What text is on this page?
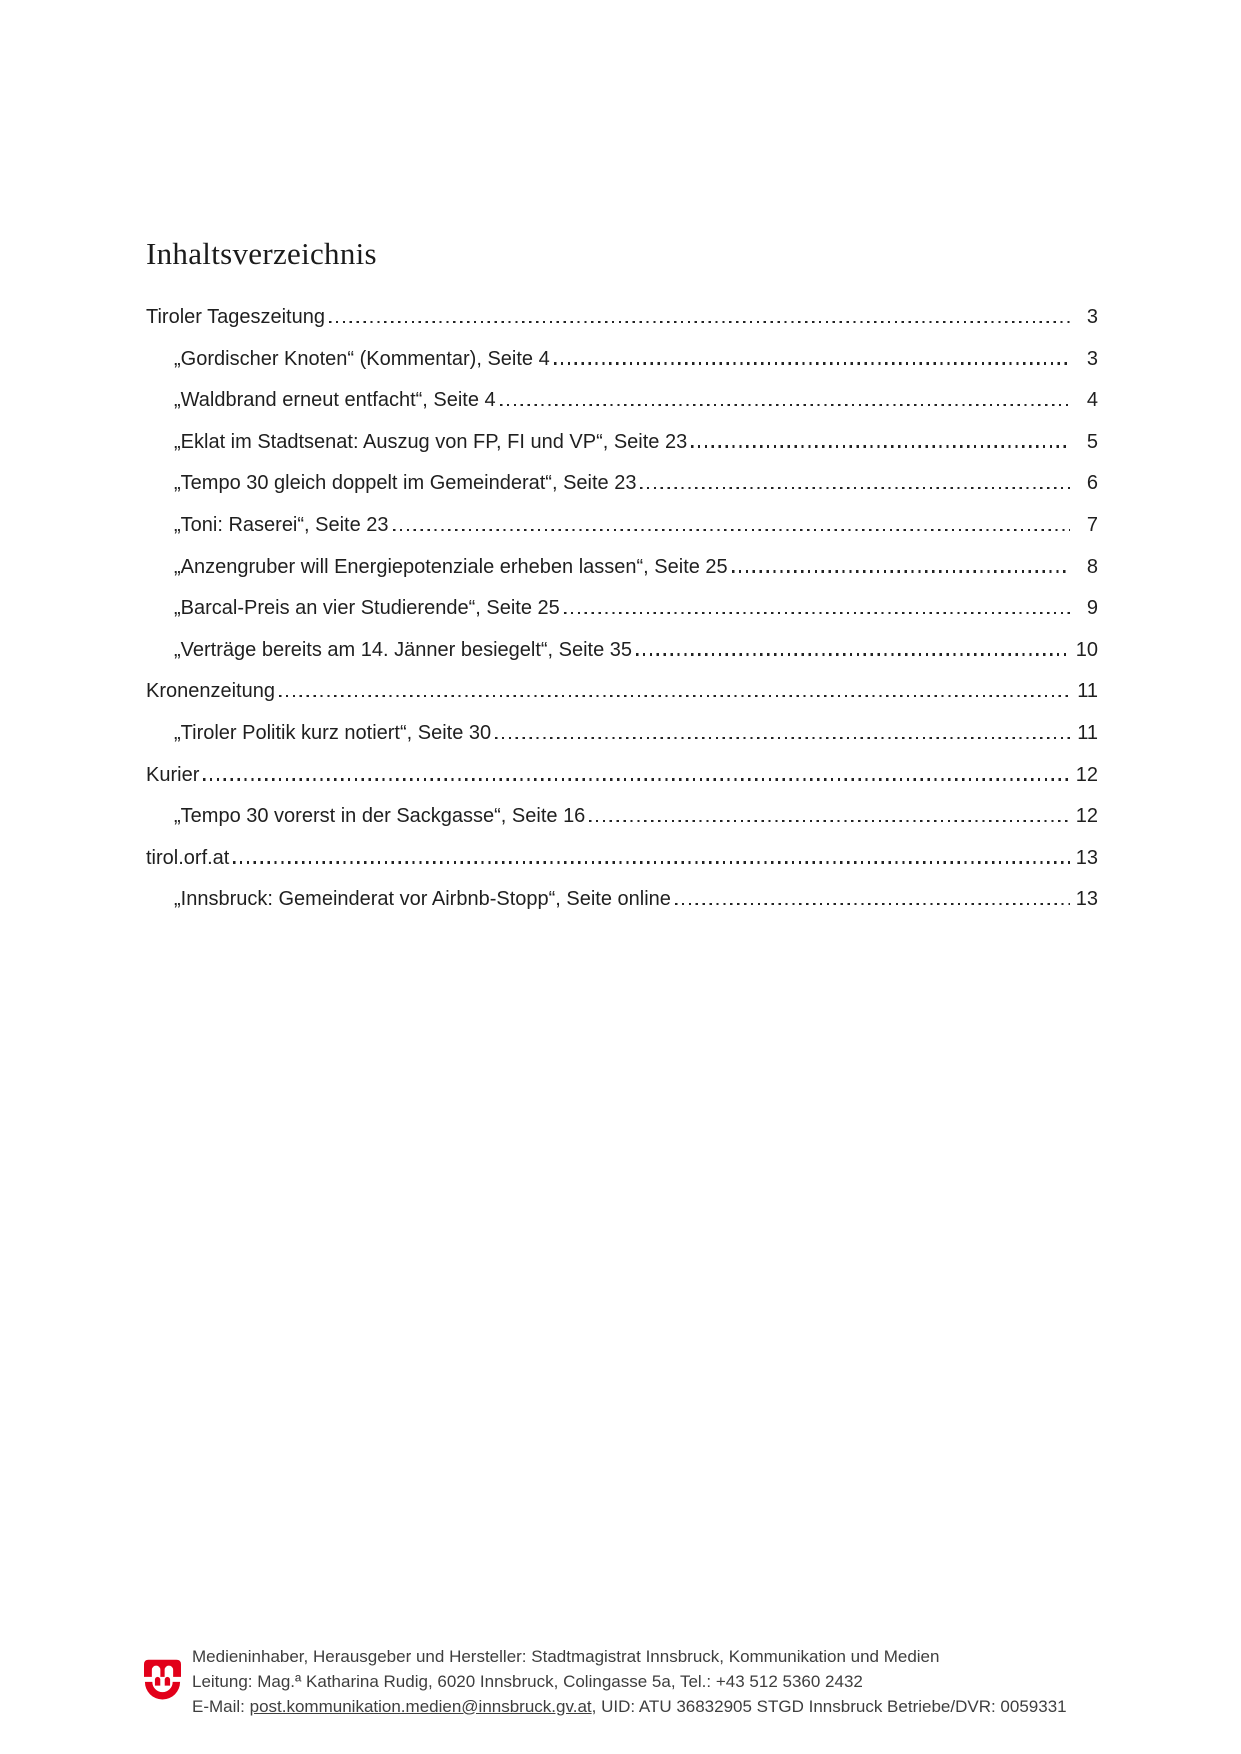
Inhaltsverzeichnis
Tiroler Tageszeitung	3
„Gordischer Knoten“ (Kommentar), Seite 4	3
„Waldbrand erneut entfacht“, Seite 4	4
„Eklat im Stadtsenat: Auszug von FP, FI und VP“, Seite 23	5
„Tempo 30 gleich doppelt im Gemeinderat“, Seite 23	6
„Toni: Raserei“, Seite 23	7
„Anzengruber will Energiepotenziale erheben lassen“, Seite 25	8
„Barcal-Preis an vier Studierende“, Seite 25	9
„Verträge bereits am 14. Jänner besiegelt“, Seite 35	10
Kronenzeitung	11
„Tiroler Politik kurz notiert“, Seite 30	11
Kurier	12
„Tempo 30 vorerst in der Sackgasse“, Seite 16	12
tirol.orf.at	13
„Innsbruck: Gemeinderat vor Airbnb-Stopp“, Seite online	13
Medieninhaber, Herausgeber und Hersteller: Stadtmagistrat Innsbruck, Kommunikation und Medien
Leitung: Mag.ª Katharina Rudig, 6020 Innsbruck, Colingasse 5a, Tel.: +43 512 5360 2432
E-Mail: post.kommunikation.medien@innsbruck.gv.at, UID: ATU 36832905 STGD Innsbruck Betriebe/DVR: 0059331
